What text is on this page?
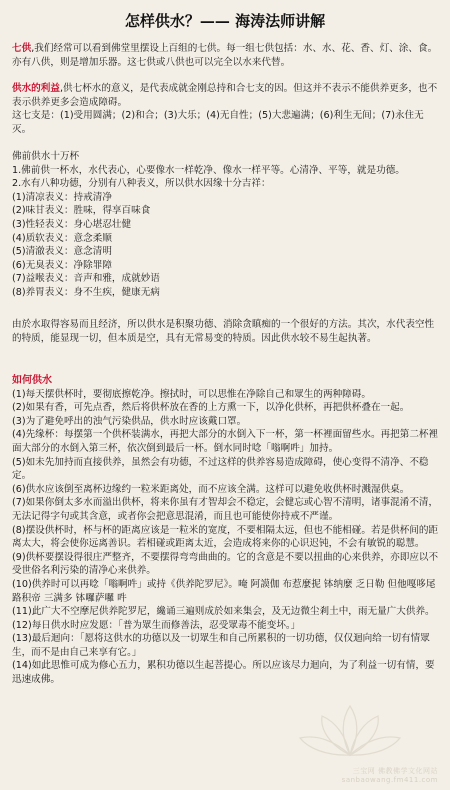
怎样供水？—— 海涛法师讲解

七供,我们经常可以看到佛堂里摆设上百组的七供。每一组七供包括：水、水、花、香、灯、涂、食。亦有八供，则是增加乐器。这七供或八供也可以完全以水来代替。

供水的利益,供七杯水的意义，是代表成就金刚总持和合七支的因。但这并不表示不能供养更多，也不表示供养更多会造成障碍。
这七支是：(1)受用圆满；(2)和合；(3)大乐；(4)无自性；(5)大悲遍满；(6)利生无间；(7)永住无灭。

佛前供水十万杯
1.佛前供一杯水，水代表心，心要像水一样乾净、像水一样平等。心清净、平等，就是功德。
2.水有八种功德，分别有八种表义，所以供水因缘十分吉祥：
(1)清凉表义：持戒清净
(2)味甘表义：胜味，得享百味食
(3)性轻表义：身心堪忍壮健
(4)质软表义：意念柔顺
(5)清澈表义：意念清明
(6)无臭表义：净除罪障
(7)益喉表义：音声和雅，成就妙语
(8)养胃表义：身不生疾，健康无病

由於水取得容易而且经济，所以供水是积聚功德、消除贪瞋痴的一个很好的方法。其次，水代表空性的特质，能显现一切，但本质是空，具有无常易变的特质。因此供水较不易生起执著。

如何供水
(1)每天摆供杯时，要彻底擦乾净。擦拭时，可以思惟在净除自己和眾生的两种障碍。
(2)如果有香，可先点香，然后将供杯放在香的上方熏一下，以净化供杯，再把供杯叠在一起。
(3)为了避免呼出的浊气污染供品，供水时应该戴口罩。
(4)先缘杯：每摆第一个供杯装满水，再把大部分的水倒入下一杯，第一杯裡面留些水。再把第二杯裡面大部分的水倒入第三杯，依次倒到最后一杯。倒水同时唸「嗡啊吽」加持。
(5)如未先加持而直接供养，虽然会有功德，不过这样的供养容易造成障碍，使心变得不清净、不稳定。
(6)供水应该倒至离杯边缘约一粒米距离处，而不应该全满。这样可以避免收供杯时溅湿供桌。
(7)如果你倒太多水而溢出供杯，将来你虽有才智却会不稳定，会健忘或心智不清明，诸事混淆不清，无法记得字句或其含意，或者你会把意思混淆，而且也可能使你持戒不严谨。
(8)摆设供杯时，杯与杯的距离应该是一粒米的宽度，不要相隔太远，但也不能相碰。若是供杯间的距离太大，将会使你远离善识。若相碰或距离太近，会造成将来你的心识迟钝，不会有敏锐的聪慧。
(9)供杯要摆设得很庄严整齐，不要摆得弯弯曲曲的。它的含意是不要以扭曲的心来供养，亦即应以不受世俗名利污染的清净心来供养。
(10)供养时可以再唸「嗡啊吽」或持《供养陀罗尼》。唵 阿謨伽 布惹麼抳 钵纳麼 乏日勒 但他嘎哆尾路积帝 三满多 钵囉萨囉 吽
(11)此广大不空摩尼供养陀罗尼，纔诵三遍则成於如来集会，及无边微尘剎土中，雨无量广大供养。
(12)每日供水时应发愿：「普为眾生而修善法，忍受眾毒不能变坏。」
(13)最后迴向：「愿将这供水的功德以及一切眾生和自己所累积的一切功德，仅仅迴向给一切有情眾生，而不是由自己来享有它。」
(14)如此思惟可成为修心五力，累积功德以生起菩提心。所以应该尽力迴向，为了利益一切有情，要迅速成佛。
三宝网 佛教佛学文化网站
sanbaowang.fm411.com
